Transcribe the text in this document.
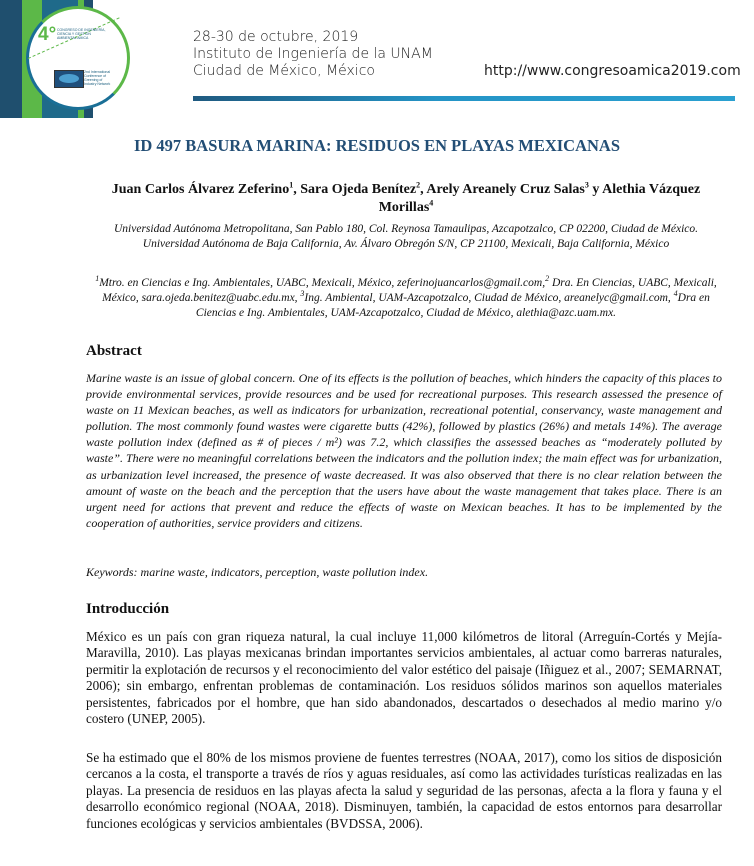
4° CONGRESO DE INGENIERÍA, CIENCIA Y GESTIÓN AMBIENTAL AMICA
2nd International Conference of Greening of Industry Network
28-30 de octubre, 2019
Instituto de Ingeniería de la UNAM
Ciudad de México, México	http://www.congresoamica2019.com
ID 497 BASURA MARINA: RESIDUOS EN PLAYAS MEXICANAS
Juan Carlos Álvarez Zeferino$^1$, Sara Ojeda Benítez$^2$, Arely Areanely Cruz Salas$^3$ y Alethia Vázquez Morillas$^4$
Universidad Autónoma Metropolitana, San Pablo 180, Col. Reynosa Tamaulipas, Azcapotzalco, CP 02200, Ciudad de México. Universidad Autónoma de Baja California, Av. Álvaro Obregón S/N, CP 21100, Mexicali, Baja California, México
$^1$Mtro. en Ciencias e Ing. Ambientales, UABC, Mexicali, México, zeferinojuancarlos@gmail.com,$^2$ Dra. En Ciencias, UABC, Mexicali, México, sara.ojeda.benitez@uabc.edu.mx, $^3$Ing. Ambiental, UAM-Azcapotzalco, Ciudad de México, areanelyc@gmail.com, $^4$Dra en Ciencias e Ing. Ambientales, UAM-Azcapotzalco, Ciudad de México, alethia@azc.uam.mx.
Abstract
Marine waste is an issue of global concern. One of its effects is the pollution of beaches, which hinders the capacity of this places to provide environmental services, provide resources and be used for recreational purposes. This research assessed the presence of waste on 11 Mexican beaches, as well as indicators for urbanization, recreational potential, conservancy, waste management and pollution. The most commonly found wastes were cigarette butts (42%), followed by plastics (26%) and metals 14%). The average waste pollution index (defined as # of pieces / m²) was 7.2, which classifies the assessed beaches as “moderately polluted by waste”. There were no meaningful correlations between the indicators and the pollution index; the main effect was for urbanization, as urbanization level increased, the presence of waste decreased. It was also observed that there is no clear relation between the amount of waste on the beach and the perception that the users have about the waste management that takes place. There is an urgent need for actions that prevent and reduce the effects of waste on Mexican beaches. It has to be implemented by the cooperation of authorities, service providers and citizens.
Keywords: marine waste, indicators, perception, waste pollution index.
Introducción
México es un país con gran riqueza natural, la cual incluye 11,000 kilómetros de litoral (Arreguín-Cortés y Mejía-Maravilla, 2010). Las playas mexicanas brindan importantes servicios ambientales, al actuar como barreras naturales, permitir la explotación de recursos y el reconocimiento del valor estético del paisaje (Iñiguez et al., 2007; SEMARNAT, 2006); sin embargo, enfrentan problemas de contaminación. Los residuos sólidos marinos son aquellos materiales persistentes, fabricados por el hombre, que han sido abandonados, descartados o desechados al medio marino y/o costero (UNEP, 2005).
Se ha estimado que el 80% de los mismos proviene de fuentes terrestres (NOAA, 2017), como los sitios de disposición cercanos a la costa, el transporte a través de ríos y aguas residuales, así como las actividades turísticas realizadas en las playas. La presencia de residuos en las playas afecta la salud y seguridad de las personas, afecta a la flora y fauna y el desarrollo económico regional (NOAA, 2018). Disminuyen, también, la capacidad de estos entornos para desarrollar funciones ecológicas y servicios ambientales (BVDSSA, 2006).
